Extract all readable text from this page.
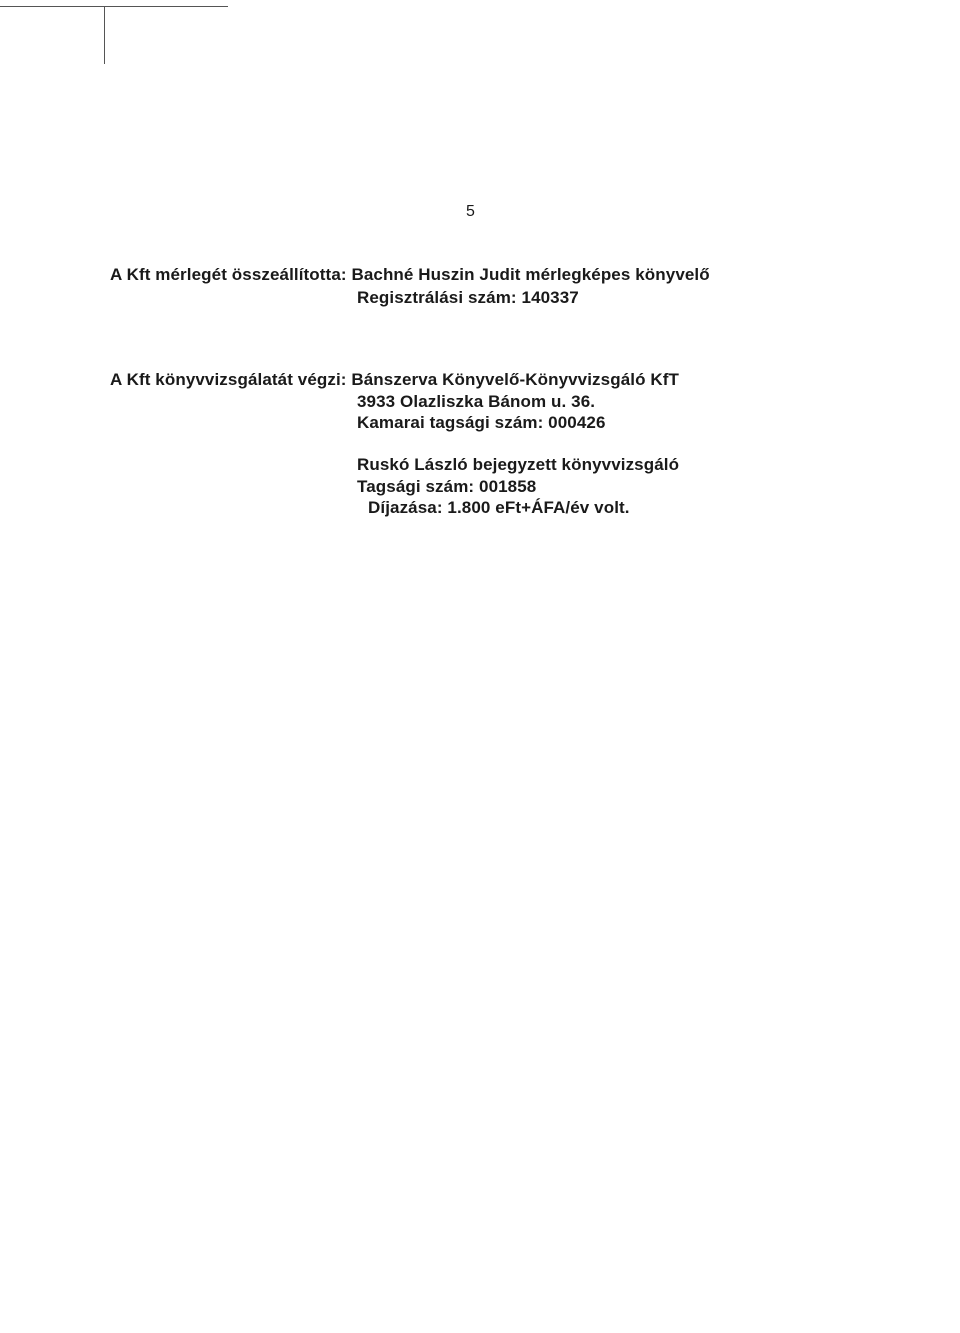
5
A Kft mérlegét összeállította: Bachné Huszin Judit mérlegképes könyvelő
Regisztrálási szám: 140337
A Kft könyvvizsgálatát végzi: Bánszerva Könyvelő-Könyvvizsgáló KfT
3933 Olazliszka Bánom u. 36.
Kamarai tagsági szám: 000426
Ruskó László bejegyzett könyvvizsgáló
Tagsági szám: 001858
Díjazása: 1.800 eFt+ÁFA/év volt.
